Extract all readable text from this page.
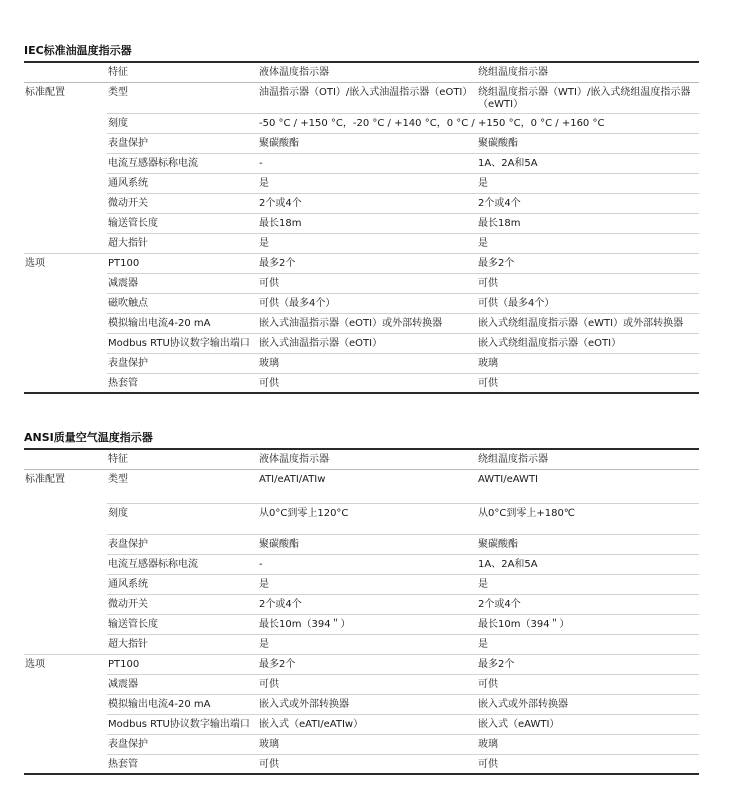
IEC标准油温度指示器
	特征	液体温度指示器	绕组温度指示器
标准配置	类型	油温指示器（OTI）/嵌入式油温指示器（eOTI）	绕组温度指示器（WTI）/嵌入式绕组温度指示器（eWTI）
	刻度	-50 °C / +150 °C，-20 °C / +140 °C，0 °C / +150 °C，0 °C / +160 °C	
	表盘保护	聚碳酸酯	聚碳酸酯
	电流互感器标称电流	-	1A、2A和5A
	通风系统	是	是
	微动开关	2个或4个	2个或4个
	输送管长度	最长18m	最长18m
	超大指针	是	是
选项	PT100	最多2个	最多2个
	减震器	可供	可供
	磁吹触点	可供（最多4个）	可供（最多4个）
	模拟输出电流4-20 mA	嵌入式油温指示器（eOTI）或外部转换器	嵌入式绕组温度指示器（eWTI）或外部转换器
	Modbus RTU协议数字输出端口	嵌入式油温指示器（eOTI）	嵌入式绕组温度指示器（eOTI）
	表盘保护	玻璃	玻璃
	热套管	可供	可供
ANSI质量空气温度指示器
	特征	液体温度指示器	绕组温度指示器
标准配置	类型	ATI/eATI/ATIw	AWTI/eAWTI
	刻度	从0°C到零上120°C	从0°C到零上+180℃
	表盘保护	聚碳酸酯	聚碳酸酯
	电流互感器标称电流	-	1A、2A和5A
	通风系统	是	是
	微动开关	2个或4个	2个或4个
	输送管长度	最长10m（394＂）	最长10m（394＂）
	超大指针	是	是
选项	PT100	最多2个	最多2个
	减震器	可供	可供
	模拟输出电流4-20 mA	嵌入式或外部转换器	嵌入式或外部转换器
	Modbus RTU协议数字输出端口	嵌入式（eATI/eATIw）	嵌入式（eAWTI）
	表盘保护	玻璃	玻璃
	热套管	可供	可供
